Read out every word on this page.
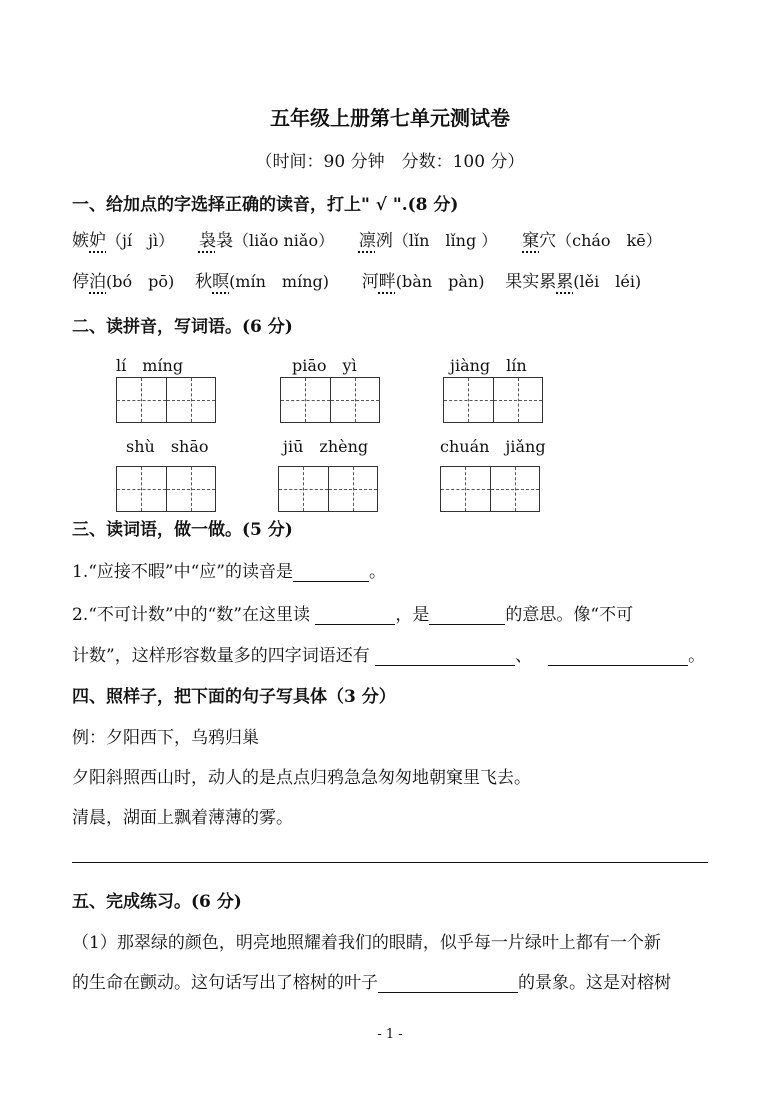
五年级上册第七单元测试卷
（时间：90 分钟　分数：100 分）
一、给加点的字选择正确的读音，打上" √ ".(8 分)
嫉妒（jí　jì） 袅袅（liǎo niǎo） 凛冽（lǐn　lǐng ） 窠穴（cháo　kē）
停泊(bó　pō) 秋暝(mín　míng) 河畔(bàn　pàn) 果实累累(lěi　léi)
二、读拼音，写词语。(6 分)
lí　míng	piāo　yì	jiàng　lín
shù　shāo	jiū　zhèng	chuán　jiǎng
三、读词语，做一做。(5 分)
1.“应接不暇”中“应”的读音是	。
2.“不可计数”中的“数”在这里读	，是	的意思。像“不可
计数”，这样形容数量多的四字词语还有	、	。
四、照样子，把下面的句子写具体（3 分）
例：夕阳西下，乌鸦归巢
夕阳斜照西山时，动人的是点点归鸦急急匆匆地朝窠里飞去。
清晨，湖面上飘着薄薄的雾。
五、完成练习。(6 分)
（1）那翠绿的颜色，明亮地照耀着我们的眼睛，似乎每一片绿叶上都有一个新
的生命在颤动。这句话写出了榕树的叶子	的景象。这是对榕树
- 1 -
